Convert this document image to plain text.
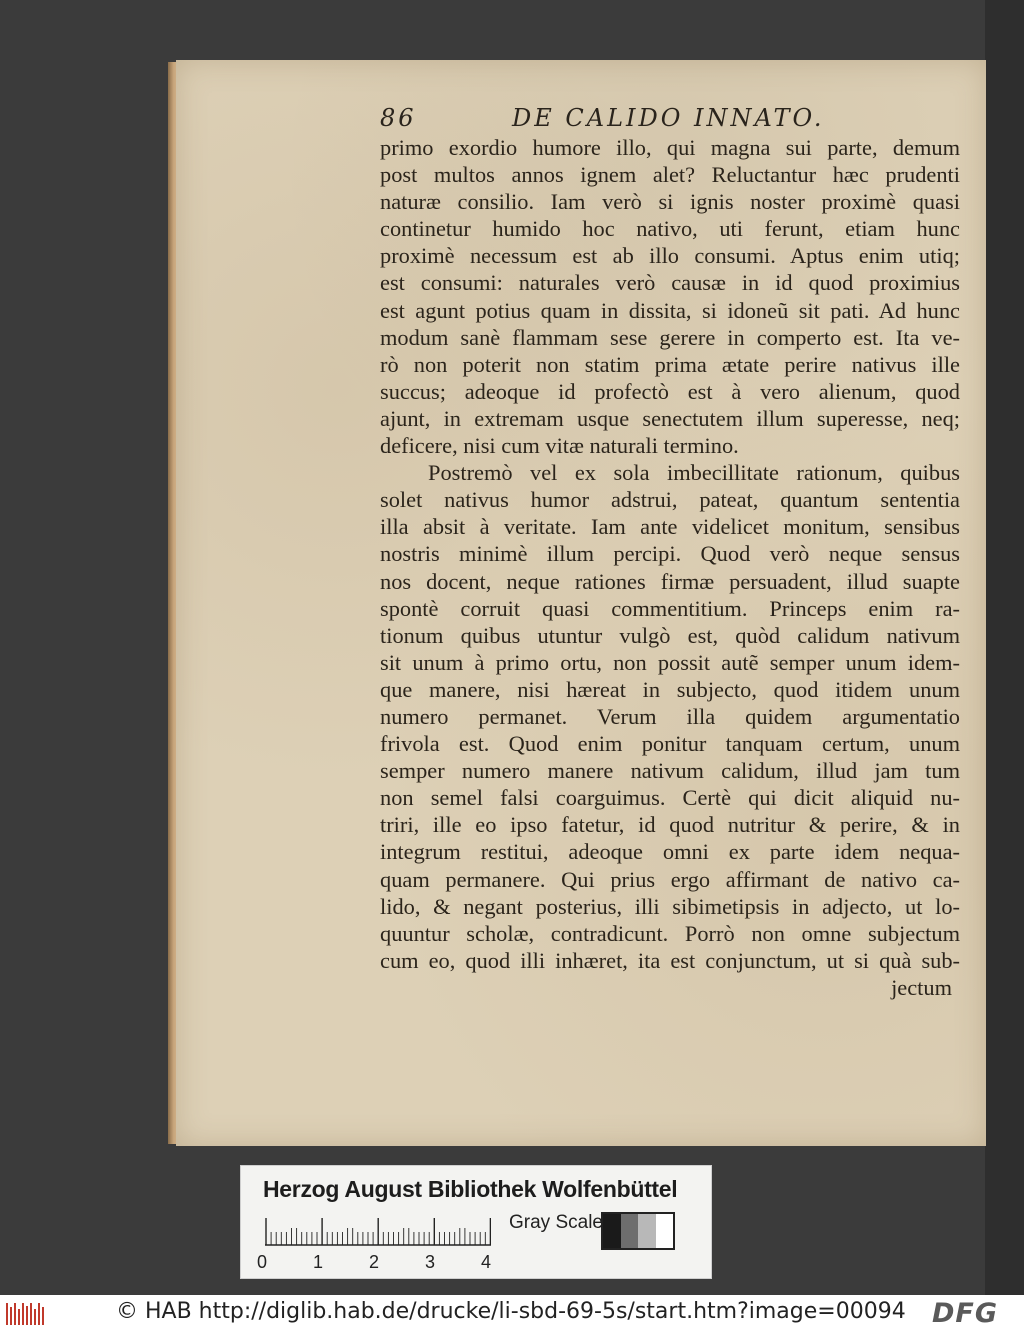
86	DE CALIDO INNATO.
primo exordio humore illo, qui magna sui parte, demum
post multos annos ignem alet? Reluctantur hæc prudenti
naturæ consilio. Iam verò si ignis noster proximè quasi
continetur humido hoc nativo, uti ferunt, etiam hunc
proximè necessum est ab illo consumi. Aptus enim utiq;
est consumi: naturales verò causæ in id quod proximius
est agunt potius quam in dissita, si idoneũ sit pati. Ad hunc
modum sanè flammam sese gerere in comperto est. Ita ve-
rò non poterit non statim prima ætate perire nativus ille
succus; adeoque id profectò est à vero alienum, quod
ajunt, in extremam usque senectutem illum superesse, neq;
deficere, nisi cum vitæ naturali termino.
Postremò vel ex sola imbecillitate rationum, quibus
solet nativus humor adstrui, pateat, quantum sententia
illa absit à veritate. Iam ante videlicet monitum, sensibus
nostris minimè illum percipi. Quod verò neque sensus
nos docent, neque rationes firmæ persuadent, illud suapte
spontè corruit quasi commentitium. Princeps enim ra-
tionum quibus utuntur vulgò est, quòd calidum nativum
sit unum à primo ortu, non possit autẽ semper unum idem-
que manere, nisi hæreat in subjecto, quod itidem unum
numero permanet. Verum illa quidem argumentatio
frivola est. Quod enim ponitur tanquam certum, unum
semper numero manere nativum calidum, illud jam tum
non semel falsi coarguimus. Certè qui dicit aliquid nu-
triri, ille eo ipso fatetur, id quod nutritur & perire, & in
integrum restitui, adeoque omni ex parte idem nequa-
quam permanere. Qui prius ergo affirmant de nativo ca-
lido, & negant posterius, illi sibimetipsis in adjecto, ut lo-
quuntur scholæ, contradicunt. Porrò non omne subjectum
cum eo, quod illi inhæret, ita est conjunctum, ut si quà sub-
jectum
Herzog August Bibliothek Wolfenbüttel
0	1	2	3	4
Gray Scale
© HAB http://diglib.hab.de/drucke/li-sbd-69-5s/start.htm?image=00094 DFG
